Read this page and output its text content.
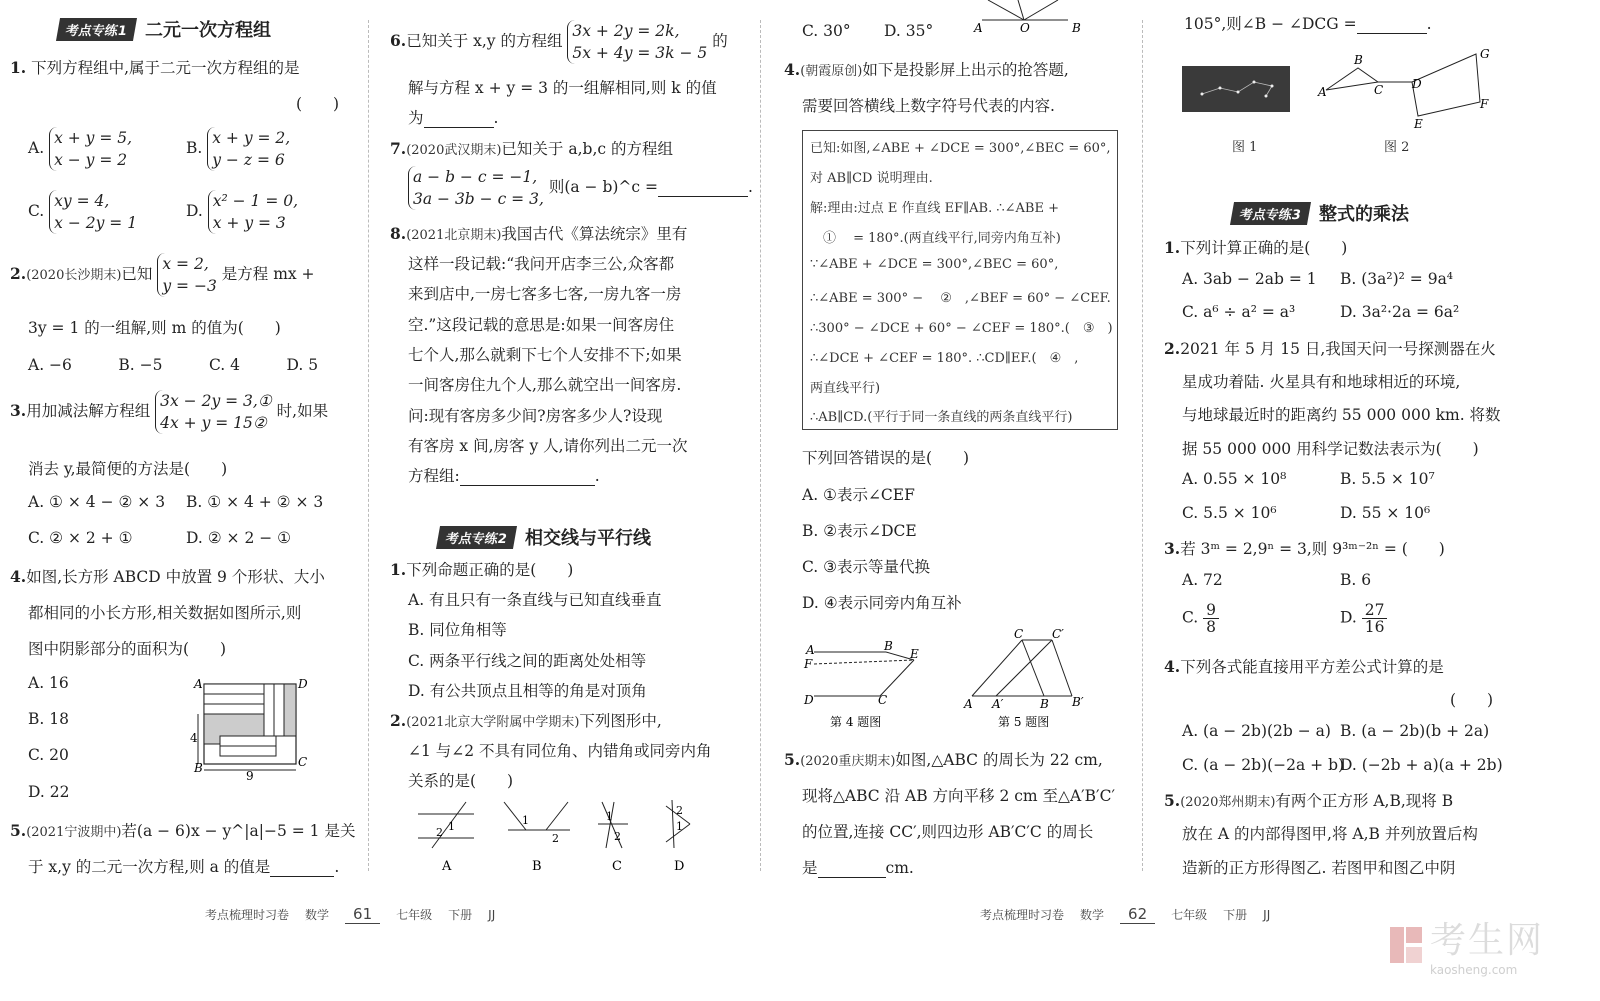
考点专练1 二元一次方程组
1. 下列方程组中,属于二元一次方程组的是
(　　)
A.
x + y = 5,
x − y = 2
B.
x + y = 2,
y − z = 6
C.
xy = 4,
x − 2y = 1
D.
x² − 1 = 0,
x + y = 3
2.(2020长沙期末)已知
x = 2,
y = −3
是方程 mx +
3y = 1 的一组解,则 m 的值为(　　)
A. −6　　　B. −5　　　C. 4　　　D. 5
3.用加减法解方程组
3x − 2y = 3,①
4x + y = 15②
时,如果
消去 y,最简便的方法是(　　)
A. ① × 4 − ② × 3 B. ① × 4 + ② × 3
C. ② × 2 + ①	D. ② × 2 − ①
4.如图,长方形 ABCD 中放置 9 个形状、大小
都相同的小长方形,相关数据如图所示,则
图中阴影部分的面积为(　　)
A. 16
B. 18
C. 20
D. 22
A	D
B	C
4
9
5.(2021宁波期中)若(a − 6)x − y^|a|−5 = 1 是关
于 x,y 的二元一次方程,则 a 的值是	.
6.已知关于 x,y 的方程组
3x + 2y = 2k,
5x + 4y = 3k − 5
的
解与方程 x + y = 3 的一组解相同,则 k 的值
为	.
7.(2020武汉期末)已知关于 a,b,c 的方程组
a − b − c = −1,
3a − 3b − c = 3,
则(a − b)^c =	.
8.(2021北京期末)我国古代《算法统宗》里有
这样一段记载:“我问开店李三公,众客都
来到店中,一房七客多七客,一房九客一房
空.”这段记载的意思是:如果一间客房住
七个人,那么就剩下七个人安排不下;如果
一间客房住九个人,那么就空出一间客房.
问:现有客房多少间?房客多少人?设现
有客房 x 间,房客 y 人,请你列出二元一次
方程组:	.
考点专练2 相交线与平行线
1.下列命题正确的是(　　)
A. 有且只有一条直线与已知直线垂直
B. 同位角相等
C. 两条平行线之间的距离处处相等
D. 有公共顶点且相等的角是对顶角
2.(2021北京大学附属中学期末)下列图形中,
∠1 与∠2 不具有同位角、内错角或同旁内角
关系的是(　　)
1
2
A
1
2
B
1
2
C
2
1
D
C. 30° D. 35°	A	O	B
4.(朝霞原创)如下是投影屏上出示的抢答题,
需要回答横线上数字符号代表的内容.
已知:如图,∠ABE + ∠DCE = 300°,∠BEC = 60°,
对 AB∥CD 说明理由.
解:理由:过点 E 作直线 EF∥AB. ∴∠ABE +
　①　 = 180°.(两直线平行,同旁内角互补)
∵∠ABE + ∠DCE = 300°,∠BEC = 60°,
∴∠ABE = 300° − 　②　,∠BEF = 60° − ∠CEF.
∴300° − ∠DCE + 60° − ∠CEF = 180°.(　③　)
∴∠DCE + ∠CEF = 180°. ∴CD∥EF.(　④　,
两直线平行)
∴AB∥CD.(平行于同一条直线的两条直线平行)
下列回答错误的是(　　)
A. ①表示∠CEF
B. ②表示∠DCE
C. ③表示等量代换
D. ④表示同旁内角互补
A	B
E
F
D	C
第 4 题图
A A′	B B′
C C′
第 5 题图
5.(2020重庆期末)如图,△ABC 的周长为 22 cm,
现将△ABC 沿 AB 方向平移 2 cm 至△A′B′C′
的位置,连接 CC′,则四边形 AB′C′C 的周长
是	cm.
105°,则∠B − ∠DCG =	.
图 1
A
B
C D
E
F
G
图 2
考点专练3 整式的乘法
1.下列计算正确的是(　　)
A. 3ab − 2ab = 1 B. (3a²)² = 9a⁴
C. a⁶ ÷ a² = a³	D. 3a²·2a = 6a²
2.2021 年 5 月 15 日,我国天问一号探测器在火
星成功着陆. 火星具有和地球相近的环境,
与地球最近时的距离约 55 000 000 km. 将数
据 55 000 000 用科学记数法表示为(　　)
A. 0.55 × 10⁸	B. 5.5 × 10⁷
C. 5.5 × 10⁶	D. 55 × 10⁶
3.若 3ᵐ = 2,9ⁿ = 3,则 9³ᵐ⁻²ⁿ = (　　)
A. 72	B. 6
C. $\frac{9}{8}$	D. $\frac{27}{16}$
4.下列各式能直接用平方差公式计算的是
(　　)
A. (a − 2b)(2b − a) B. (a − 2b)(b + 2a)
C. (a − 2b)(−2a + b)
D. (−2b + a)(a + 2b)
5.(2020郑州期末)有两个正方形 A,B,现将 B
放在 A 的内部得图甲,将 A,B 并列放置后构
造新的正方形得图乙. 若图甲和图乙中阴
考点梳理时习卷 数学	61	七年级 下册 JJ	考点梳理时习卷 数学	62	七年级 下册 JJ
考生网
kaosheng.com
